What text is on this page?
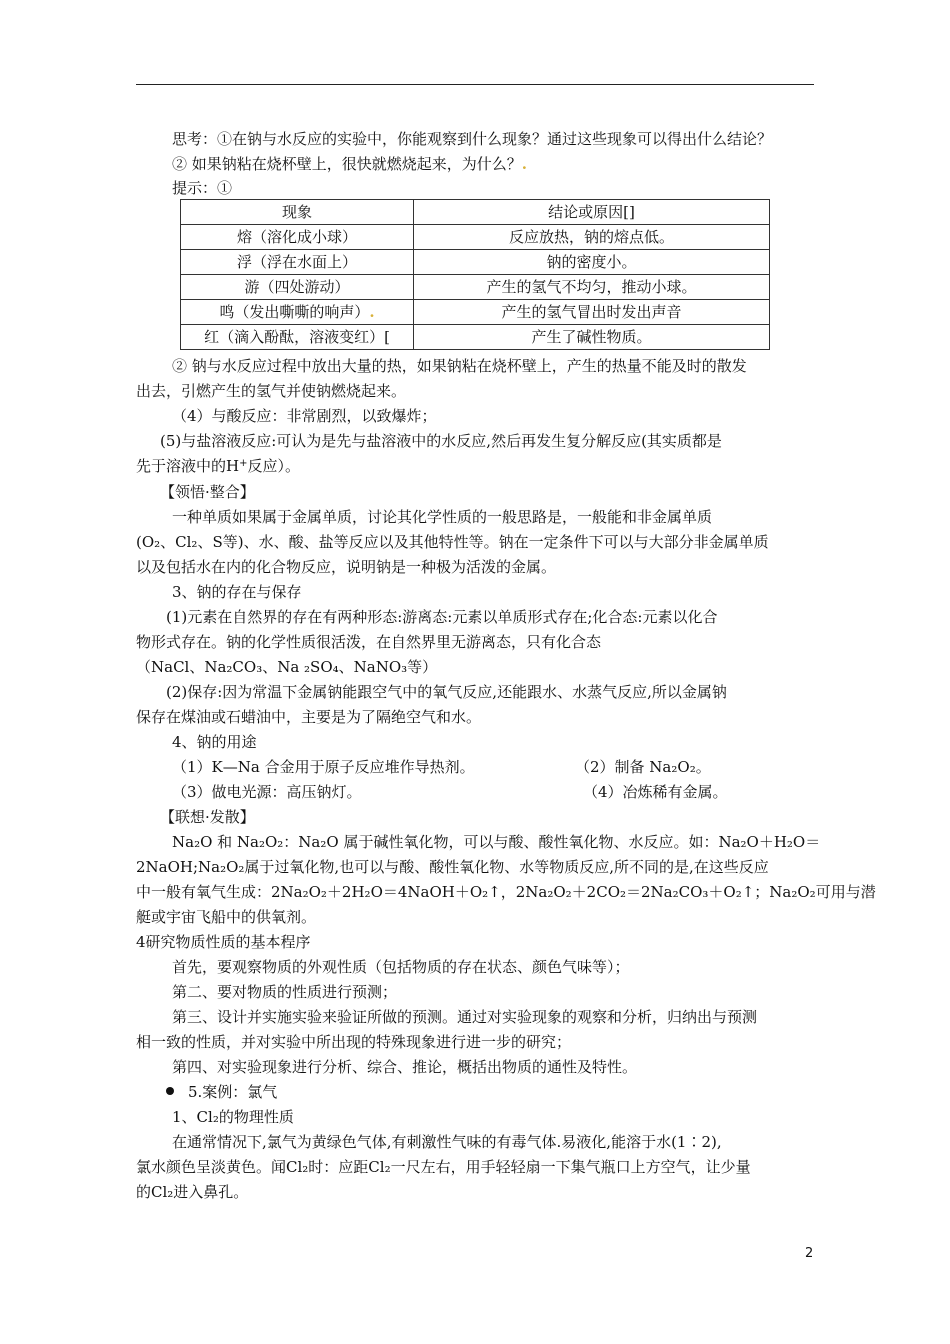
思考：①在钠与水反应的实验中，你能观察到什么现象？通过这些现象可以得出什么结论？
② 如果钠粘在烧杯壁上，很快就燃烧起来，为什么？.
提示：①
现象	结论或原因[]
熔（溶化成小球）	反应放热，钠的熔点低。
浮（浮在水面上）	钠的密度小。
游（四处游动）	产生的氢气不均匀，推动小球。
鸣（发出嘶嘶的响声）.	产生的氢气冒出时发出声音
红（滴入酚酞，溶液变红）[	产生了碱性物质。
② 钠与水反应过程中放出大量的热，如果钠粘在烧杯壁上，产生的热量不能及时的散发
出去，引燃产生的氢气并使钠燃烧起来。
（4）与酸反应：非常剧烈，以致爆炸；
(5)与盐溶液反应:可认为是先与盐溶液中的水反应,然后再发生复分解反应(其实质都是
先于溶液中的H+反应）。
【领悟·整合】
一种单质如果属于金属单质，讨论其化学性质的一般思路是，一般能和非金属单质
(O₂、Cl₂、S等)、水、酸、盐等反应以及其他特性等。钠在一定条件下可以与大部分非金属单质
以及包括水在内的化合物反应，说明钠是一种极为活泼的金属。
3、钠的存在与保存
(1)元素在自然界的存在有两种形态:游离态:元素以单质形式存在;化合态:元素以化合
物形式存在。钠的化学性质很活泼，在自然界里无游离态，只有化合态
（NaCl、Na₂CO₃、Na ₂SO₄、NaNO₃等）
(2)保存:因为常温下金属钠能跟空气中的氧气反应,还能跟水、水蒸气反应,所以金属钠
保存在煤油或石蜡油中，主要是为了隔绝空气和水。
4、钠的用途
（1）K—Na 合金用于原子反应堆作导热剂。	（2）制备 Na₂O₂。
（3）做电光源：高压钠灯。	（4）冶炼稀有金属。
【联想·发散】
Na₂O 和 Na₂O₂：Na₂O 属于碱性氧化物，可以与酸、酸性氧化物、水反应。如：Na₂O＋H₂O＝
2NaOH;Na₂O₂属于过氧化物,也可以与酸、酸性氧化物、水等物质反应,所不同的是,在这些反应
中一般有氧气生成：2Na₂O₂＋2H₂O＝4NaOH＋O₂↑，2Na₂O₂＋2CO₂＝2Na₂CO₃＋O₂↑；Na₂O₂可用与潜
艇或宇宙飞船中的供氧剂。
4研究物质性质的基本程序
首先，要观察物质的外观性质（包括物质的存在状态、颜色气味等）；
第二、要对物质的性质进行预测；
第三、设计并实施实验来验证所做的预测。通过对实验现象的观察和分析，归纳出与预测
相一致的性质，并对实验中所出现的特殊现象进行进一步的研究；
第四、对实验现象进行分析、综合、推论，概括出物质的通性及特性。
5.案例：氯气
1、Cl₂的物理性质
在通常情况下,氯气为黄绿色气体,有刺激性气味的有毒气体.易液化,能溶于水(1∶2),
氯水颜色呈淡黄色。闻Cl₂时：应距Cl₂一尺左右，用手轻轻扇一下集气瓶口上方空气，让少量
的Cl₂进入鼻孔。
2
